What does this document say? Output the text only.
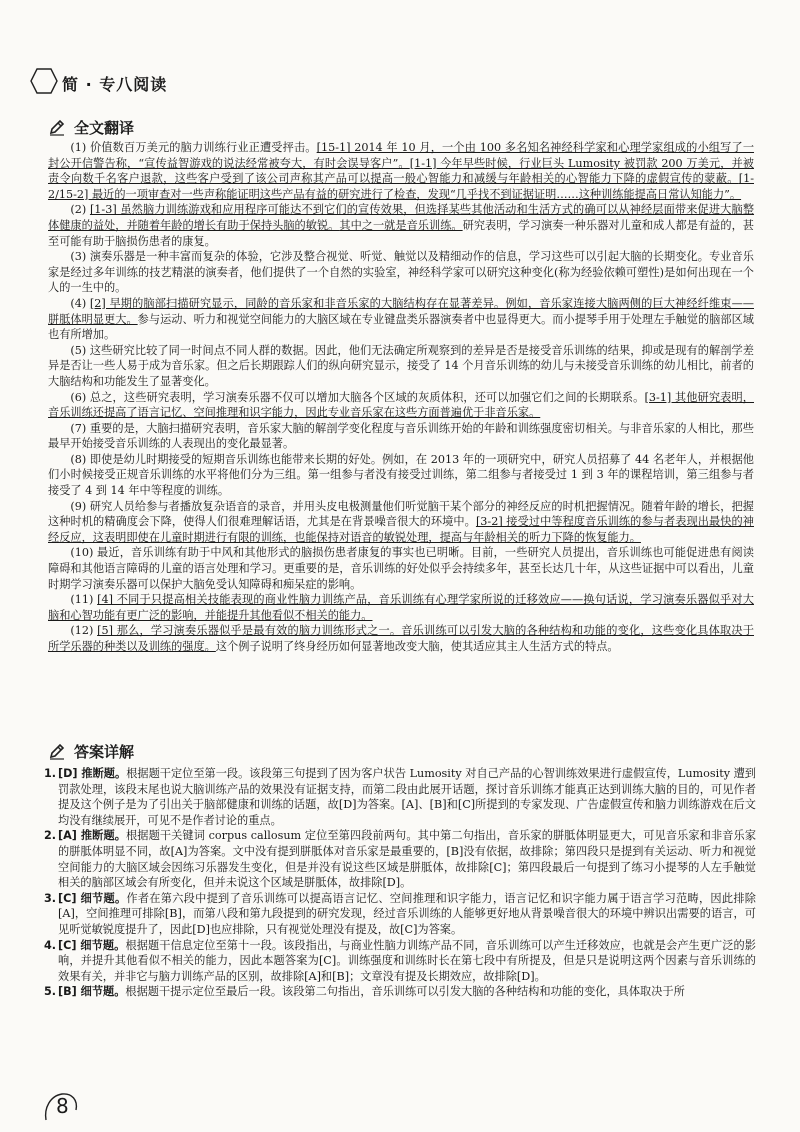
简 · 专八阅读
全文翻译

(1) 价值数百万美元的脑力训练行业正遭受抨击。[15-1] 2014 年 10 月，一个由 100 多名知名神经科学家和心理学家组成的小组写了一封公开信警告称，“宣传益智游戏的说法经常被夸大，有时会误导客户”。[1-1] 今年早些时候，行业巨头 Lumosity 被罚款 200 万美元，并被责令向数千名客户退款，这些客户受到了该公司声称其产品可以提高一般心智能力和减缓与年龄相关的心智能力下降的虚假宣传的蒙蔽。[1-2/15-2] 最近的一项审查对一些声称能证明这些产品有益的研究进行了检查，发现“几乎找不到证据证明……这种训练能提高日常认知能力”。

(2) [1-3] 虽然脑力训练游戏和应用程序可能达不到它们的宣传效果，但选择某些其他活动和生活方式的确可以从神经层面带来促进大脑整体健康的益处，并随着年龄的增长有助于保持头脑的敏锐。其中之一就是音乐训练。研究表明，学习演奏一种乐器对儿童和成人都是有益的，甚至可能有助于脑损伤患者的康复。

(3) 演奏乐器是一种丰富而复杂的体验，它涉及整合视觉、听觉、触觉以及精细动作的信息，学习这些可以引起大脑的长期变化。专业音乐家是经过多年训练的技艺精湛的演奏者，他们提供了一个自然的实验室，神经科学家可以研究这种变化(称为经验依赖可塑性)是如何出现在一个人的一生中的。

(4) [2] 早期的脑部扫描研究显示，同龄的音乐家和非音乐家的大脑结构存在显著差异。例如，音乐家连接大脑两侧的巨大神经纤维束——胼胝体明显更大。参与运动、听力和视觉空间能力的大脑区域在专业键盘类乐器演奏者中也显得更大。而小提琴手用于处理左手触觉的脑部区域也有所增加。

(5) 这些研究比较了同一时间点不同人群的数据。因此，他们无法确定所观察到的差异是否是接受音乐训练的结果，抑或是现有的解剖学差异是否让一些人易于成为音乐家。但之后长期跟踪人们的纵向研究显示，接受了 14 个月音乐训练的幼儿与未接受音乐训练的幼儿相比，前者的大脑结构和功能发生了显著变化。

(6) 总之，这些研究表明，学习演奏乐器不仅可以增加大脑各个区域的灰质体积，还可以加强它们之间的长期联系。[3-1] 其他研究表明，音乐训练还提高了语言记忆、空间推理和识字能力，因此专业音乐家在这些方面普遍优于非音乐家。

(7) 重要的是，大脑扫描研究表明，音乐家大脑的解剖学变化程度与音乐训练开始的年龄和训练强度密切相关。与非音乐家的人相比，那些最早开始接受音乐训练的人表现出的变化最显著。

(8) 即使是幼儿时期接受的短期音乐训练也能带来长期的好处。例如，在 2013 年的一项研究中，研究人员招募了 44 名老年人，并根据他们小时候接受正规音乐训练的水平将他们分为三组。第一组参与者没有接受过训练，第二组参与者接受过 1 到 3 年的课程培训，第三组参与者接受了 4 到 14 年中等程度的训练。

(9) 研究人员给参与者播放复杂语音的录音，并用头皮电极测量他们听觉脑干某个部分的神经反应的时机把握情况。随着年龄的增长，把握这种时机的精确度会下降，使得人们很难理解话语，尤其是在背景噪音很大的环境中。[3-2] 接受过中等程度音乐训练的参与者表现出最快的神经反应，这表明即使在儿童时期进行有限的训练，也能保持对语音的敏锐处理，提高与年龄相关的听力下降的恢复能力。

(10) 最近，音乐训练有助于中风和其他形式的脑损伤患者康复的事实也已明晰。目前，一些研究人员提出，音乐训练也可能促进患有阅读障碍和其他语言障碍的儿童的语言处理和学习。更重要的是，音乐训练的好处似乎会持续多年，甚至长达几十年，从这些证据中可以看出，儿童时期学习演奏乐器可以保护大脑免受认知障碍和痴呆症的影响。

(11) [4] 不同于只提高相关技能表现的商业性脑力训练产品，音乐训练有心理学家所说的迁移效应——换句话说，学习演奏乐器似乎对大脑和心智功能有更广泛的影响，并能提升其他看似不相关的能力。

(12) [5] 那么，学习演奏乐器似乎是最有效的脑力训练形式之一。音乐训练可以引发大脑的各种结构和功能的变化，这些变化具体取决于所学乐器的种类以及训练的强度。这个例子说明了终身经历如何显著地改变大脑，使其适应其主人生活方式的特点。

答案详解
1. [D] 推断题。根据题干定位至第一段。该段第三句提到了因为客户状告 Lumosity 对自己产品的心智训练效果进行虚假宣传，Lumosity 遭到罚款处理，该段末尾也说大脑训练产品的效果没有证据支持，而第二段由此展开话题，探讨音乐训练才能真正达到训练大脑的目的，可见作者提及这个例子是为了引出关于脑部健康和训练的话题，故[D]为答案。[A]、[B]和[C]所提到的专家发现、广告虚假宣传和脑力训练游戏在后文均没有继续展开，可见不是作者讨论的重点。
2. [A] 推断题。根据题干关键词 corpus callosum 定位至第四段前两句。其中第二句指出，音乐家的胼胝体明显更大，可见音乐家和非音乐家的胼胝体明显不同，故[A]为答案。文中没有提到胼胝体对音乐家是最重要的，[B]没有依据，故排除；第四段只是提到有关运动、听力和视觉空间能力的大脑区域会因练习乐器发生变化，但是并没有说这些区域是胼胝体，故排除[C]；第四段最后一句提到了练习小提琴的人左手触觉相关的脑部区域会有所变化，但并未说这个区域是胼胝体，故排除[D]。
3. [C] 细节题。作者在第六段中提到了音乐训练可以提高语言记忆、空间推理和识字能力，语言记忆和识字能力属于语言学习范畴，因此排除[A]，空间推理可排除[B]，而第八段和第九段提到的研究发现，经过音乐训练的人能够更好地从背景噪音很大的环境中辨识出需要的语言，可见听觉敏锐度提升了，因此[D]也应排除，只有视觉处理没有提及，故[C]为答案。
4. [C] 细节题。根据题干信息定位至第十一段。该段指出，与商业性脑力训练产品不同，音乐训练可以产生迁移效应，也就是会产生更广泛的影响，并提升其他看似不相关的能力，因此本题答案为[C]。训练强度和训练时长在第七段中有所提及，但是只是说明这两个因素与音乐训练的效果有关，并非它与脑力训练产品的区别，故排除[A]和[B]；文章没有提及长期效应，故排除[D]。
5. [B] 细节题。根据题干提示定位至最后一段。该段第二句指出，音乐训练可以引发大脑的各种结构和功能的变化，具体取决于所
8
